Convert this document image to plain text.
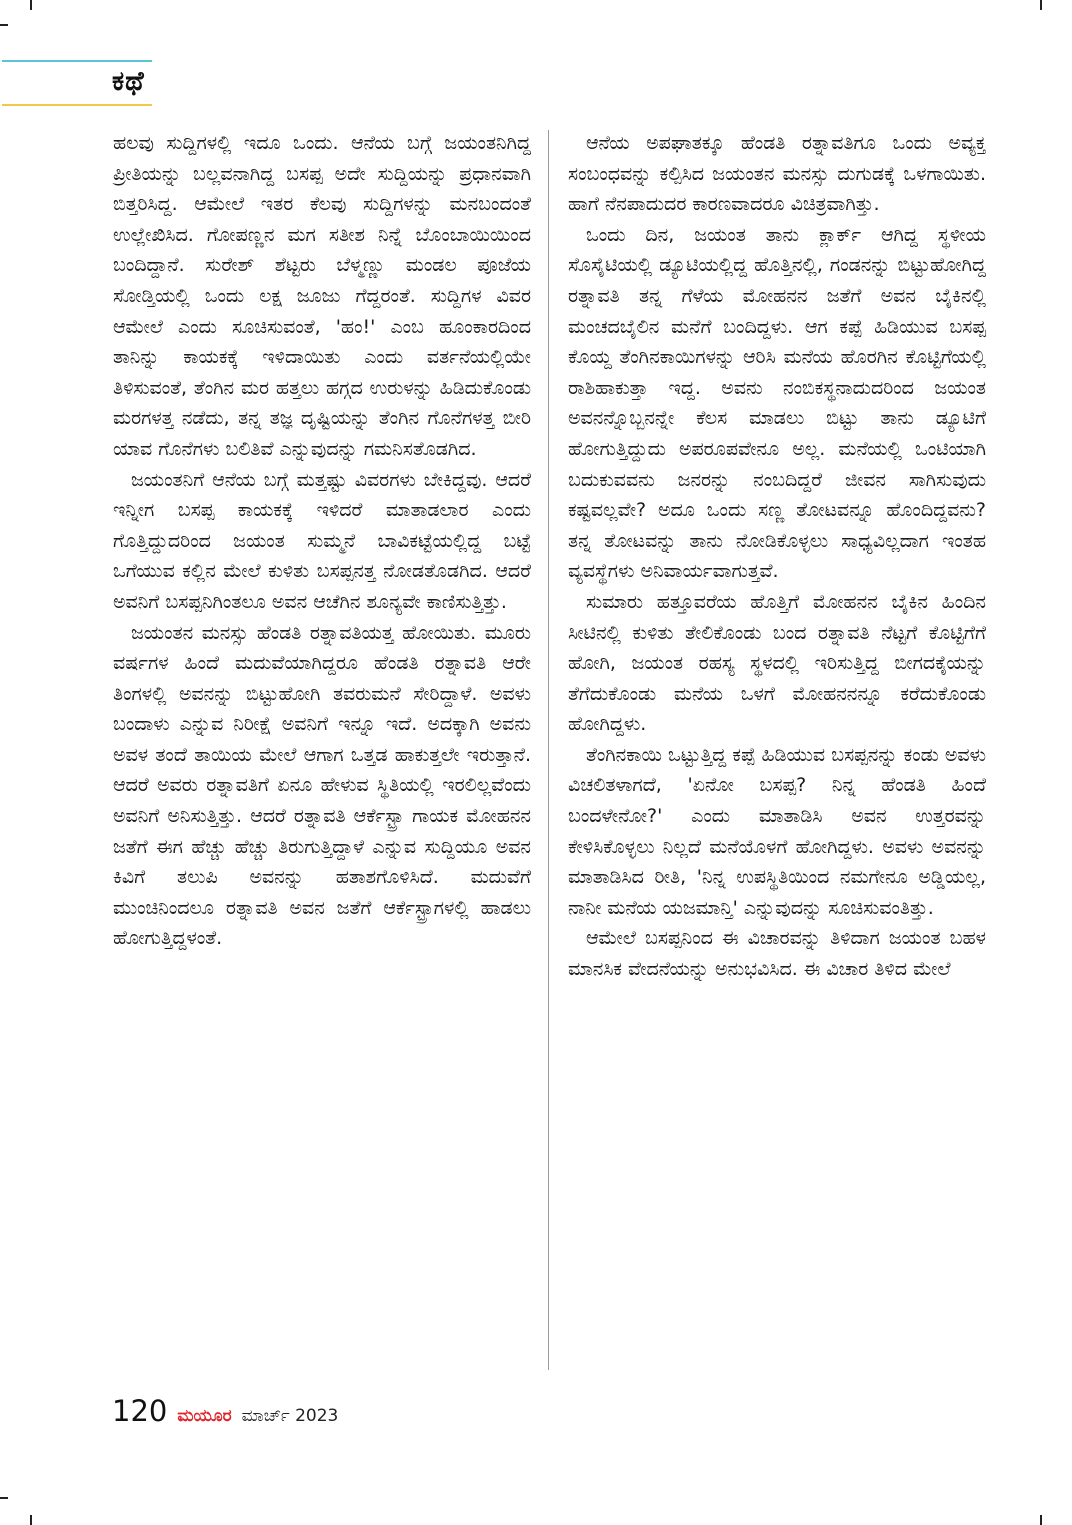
ಕಥೆ

ಹಲವು ಸುದ್ದಿಗಳಲ್ಲಿ ಇದೂ ಒಂದು. ಆನೆಯ ಬಗ್ಗೆ ಜಯಂತನಿಗಿದ್ದ ಪ್ರೀತಿಯನ್ನು ಬಲ್ಲವನಾಗಿದ್ದ ಬಸಪ್ಪ ಅದೇ ಸುದ್ದಿಯನ್ನು ಪ್ರಧಾನವಾಗಿ ಬಿತ್ತರಿಸಿದ್ದ. ಆಮೇಲೆ ಇತರ ಕೆಲವು ಸುದ್ದಿಗಳನ್ನು ಮನಬಂದಂತೆ ಉಲ್ಲೇಖಿಸಿದ. ಗೋಪಣ್ಣನ ಮಗ ಸತೀಶ ನಿನ್ನೆ ಬೊಂಬಾಯಿಯಿಂದ ಬಂದಿದ್ದಾನೆ. ಸುರೇಶ್ ಶೆಟ್ಟರು ಬೆಳ್ಮಣ್ಣು ಮಂಡಲ ಪೂಜೆಯ ಸೋಡ್ತಿಯಲ್ಲಿ ಒಂದು ಲಕ್ಷ ಜೂಜು ಗೆದ್ದರಂತೆ. ಸುದ್ದಿಗಳ ವಿವರ ಆಮೇಲೆ ಎಂದು ಸೂಚಿಸುವಂತೆ, 'ಹಂ!' ಎಂಬ ಹೂಂಕಾರದಿಂದ ತಾನಿನ್ನು ಕಾಯಕಕ್ಕೆ ಇಳಿದಾಯಿತು ಎಂದು ವರ್ತನೆಯಲ್ಲಿಯೇ ತಿಳಿಸುವಂತೆ, ತೆಂಗಿನ ಮರ ಹತ್ತಲು ಹಗ್ಗದ ಉರುಳನ್ನು ಹಿಡಿದುಕೊಂಡು ಮರಗಳತ್ತ ನಡೆದು, ತನ್ನ ತಜ್ಞ ದೃಷ್ಟಿಯನ್ನು ತೆಂಗಿನ ಗೊನೆಗಳತ್ತ ಬೀರಿ ಯಾವ ಗೊನೆಗಳು ಬಲಿತಿವೆ ಎನ್ನುವುದನ್ನು ಗಮನಿಸತೊಡಗಿದ.

ಜಯಂತನಿಗೆ ಆನೆಯ ಬಗ್ಗೆ ಮತ್ತಷ್ಟು ವಿವರಗಳು ಬೇಕಿದ್ದವು. ಆದರೆ ಇನ್ನೀಗ ಬಸಪ್ಪ ಕಾಯಕಕ್ಕೆ ಇಳಿದರೆ ಮಾತಾಡಲಾರ ಎಂದು ಗೊತ್ತಿದ್ದುದರಿಂದ ಜಯಂತ ಸುಮ್ಮನೆ ಬಾವಿಕಟ್ಟೆಯಲ್ಲಿದ್ದ ಬಟ್ಟೆ ಒಗೆಯುವ ಕಲ್ಲಿನ ಮೇಲೆ ಕುಳಿತು ಬಸಪ್ಪನತ್ತ ನೋಡತೊಡಗಿದ. ಆದರೆ ಅವನಿಗೆ ಬಸಪ್ಪನಿಗಿಂತಲೂ ಅವನ ಆಚೆಗಿನ ಶೂನ್ಯವೇ ಕಾಣಿಸುತ್ತಿತ್ತು.

ಜಯಂತನ ಮನಸ್ಸು ಹೆಂಡತಿ ರತ್ನಾವತಿಯತ್ತ ಹೋಯಿತು. ಮೂರು ವರ್ಷಗಳ ಹಿಂದೆ ಮದುವೆಯಾಗಿದ್ದರೂ ಹೆಂಡತಿ ರತ್ನಾವತಿ ಆರೇ ತಿಂಗಳಲ್ಲಿ ಅವನನ್ನು ಬಿಟ್ಟುಹೋಗಿ ತವರುಮನೆ ಸೇರಿದ್ದಾಳೆ. ಅವಳು ಬಂದಾಳು ಎನ್ನುವ ನಿರೀಕ್ಷೆ ಅವನಿಗೆ ಇನ್ನೂ ಇದೆ. ಅದಕ್ಕಾಗಿ ಅವನು ಅವಳ ತಂದೆ ತಾಯಿಯ ಮೇಲೆ ಆಗಾಗ ಒತ್ತಡ ಹಾಕುತ್ತಲೇ ಇರುತ್ತಾನೆ. ಆದರೆ ಅವರು ರತ್ನಾವತಿಗೆ ಏನೂ ಹೇಳುವ ಸ್ಥಿತಿಯಲ್ಲಿ ಇರಲಿಲ್ಲವೆಂದು ಅವನಿಗೆ ಅನಿಸುತ್ತಿತ್ತು. ಆದರೆ ರತ್ನಾವತಿ ಆರ್ಕೆಸ್ಟ್ರಾ ಗಾಯಕ ಮೋಹನನ ಜತೆಗೆ ಈಗ ಹೆಚ್ಚು ಹೆಚ್ಚು ತಿರುಗುತ್ತಿದ್ದಾಳೆ ಎನ್ನುವ ಸುದ್ದಿಯೂ ಅವನ ಕಿವಿಗೆ ತಲುಪಿ ಅವನನ್ನು ಹತಾಶಗೊಳಿಸಿದೆ. ಮದುವೆಗೆ ಮುಂಚಿನಿಂದಲೂ ರತ್ನಾವತಿ ಅವನ ಜತೆಗೆ ಆರ್ಕೆಸ್ಟ್ರಾಗಳಲ್ಲಿ ಹಾಡಲು ಹೋಗುತ್ತಿದ್ದಳಂತೆ.

ಆನೆಯ ಅಪಘಾತಕ್ಕೂ ಹೆಂಡತಿ ರತ್ನಾವತಿಗೂ ಒಂದು ಅವ್ಯಕ್ತ ಸಂಬಂಧವನ್ನು ಕಲ್ಪಿಸಿದ ಜಯಂತನ ಮನಸ್ಸು ದುಗುಡಕ್ಕೆ ಒಳಗಾಯಿತು. ಹಾಗೆ ನೆನಪಾದುದರ ಕಾರಣವಾದರೂ ವಿಚಿತ್ರವಾಗಿತ್ತು.

ಒಂದು ದಿನ, ಜಯಂತ ತಾನು ಕ್ಲಾರ್ಕ್ ಆಗಿದ್ದ ಸ್ಥಳೀಯ ಸೊಸೈಟಿಯಲ್ಲಿ ಡ್ಯೂಟಿಯಲ್ಲಿದ್ದ ಹೊತ್ತಿನಲ್ಲಿ, ಗಂಡನನ್ನು ಬಿಟ್ಟುಹೋಗಿದ್ದ ರತ್ನಾವತಿ ತನ್ನ ಗೆಳೆಯ ಮೋಹನನ ಜತೆಗೆ ಅವನ ಬೈಕಿನಲ್ಲಿ ಮಂಚದಬೈಲಿನ ಮನೆಗೆ ಬಂದಿದ್ದಳು. ಆಗ ಕಪ್ಪೆ ಹಿಡಿಯುವ ಬಸಪ್ಪ ಕೊಯ್ದ ತೆಂಗಿನಕಾಯಿಗಳನ್ನು ಆರಿಸಿ ಮನೆಯ ಹೊರಗಿನ ಕೊಟ್ಟಿಗೆಯಲ್ಲಿ ರಾಶಿಹಾಕುತ್ತಾ ಇದ್ದ. ಅವನು ನಂಬಿಕಸ್ಥನಾದುದರಿಂದ ಜಯಂತ ಅವನನ್ನೊಬ್ಬನನ್ನೇ ಕೆಲಸ ಮಾಡಲು ಬಿಟ್ಟು ತಾನು ಡ್ಯೂಟಿಗೆ ಹೋಗುತ್ತಿದ್ದುದು ಅಪರೂಪವೇನೂ ಅಲ್ಲ. ಮನೆಯಲ್ಲಿ ಒಂಟಿಯಾಗಿ ಬದುಕುವವನು ಜನರನ್ನು ನಂಬದಿದ್ದರೆ ಜೀವನ ಸಾಗಿಸುವುದು ಕಷ್ಟವಲ್ಲವೇ? ಅದೂ ಒಂದು ಸಣ್ಣ ತೋಟವನ್ನೂ ಹೊಂದಿದ್ದವನು? ತನ್ನ ತೋಟವನ್ನು ತಾನು ನೋಡಿಕೊಳ್ಳಲು ಸಾಧ್ಯವಿಲ್ಲದಾಗ ಇಂತಹ ವ್ಯವಸ್ಥೆಗಳು ಅನಿವಾರ್ಯವಾಗುತ್ತವೆ.

ಸುಮಾರು ಹತ್ತೂವರೆಯ ಹೊತ್ತಿಗೆ ಮೋಹನನ ಬೈಕಿನ ಹಿಂದಿನ ಸೀಟಿನಲ್ಲಿ ಕುಳಿತು ತೇಲಿಕೊಂಡು ಬಂದ ರತ್ನಾವತಿ ನೆಟ್ಟಗೆ ಕೊಟ್ಟಿಗೆಗೆ ಹೋಗಿ, ಜಯಂತ ರಹಸ್ಯ ಸ್ಥಳದಲ್ಲಿ ಇರಿಸುತ್ತಿದ್ದ ಬೀಗದಕೈಯನ್ನು ತೆಗೆದುಕೊಂಡು ಮನೆಯ ಒಳಗೆ ಮೋಹನನನ್ನೂ ಕರೆದುಕೊಂಡು ಹೋಗಿದ್ದಳು.

ತೆಂಗಿನಕಾಯಿ ಒಟ್ಟುತ್ತಿದ್ದ ಕಪ್ಪೆ ಹಿಡಿಯುವ ಬಸಪ್ಪನನ್ನು ಕಂಡು ಅವಳು ವಿಚಲಿತಳಾಗದೆ, 'ಏನೋ ಬಸಪ್ಪ? ನಿನ್ನ ಹೆಂಡತಿ ಹಿಂದೆ ಬಂದಳೇನೋ?' ಎಂದು ಮಾತಾಡಿಸಿ ಅವನ ಉತ್ತರವನ್ನು ಕೇಳಿಸಿಕೊಳ್ಳಲು ನಿಲ್ಲದೆ ಮನೆಯೊಳಗೆ ಹೋಗಿದ್ದಳು. ಅವಳು ಅವನನ್ನು ಮಾತಾಡಿಸಿದ ರೀತಿ, 'ನಿನ್ನ ಉಪಸ್ಥಿತಿಯಿಂದ ನಮಗೇನೂ ಅಡ್ಡಿಯಲ್ಲ, ನಾನೀ ಮನೆಯ ಯಜಮಾನ್ತಿ' ಎನ್ನುವುದನ್ನು ಸೂಚಿಸುವಂತಿತ್ತು.

ಆಮೇಲೆ ಬಸಪ್ಪನಿಂದ ಈ ವಿಚಾರವನ್ನು ತಿಳಿದಾಗ ಜಯಂತ ಬಹಳ ಮಾನಸಿಕ ವೇದನೆಯನ್ನು ಅನುಭವಿಸಿದ. ಈ ವಿಚಾರ ತಿಳಿದ ಮೇಲೆ

120 ಮಯೂರ ಮಾರ್ಚ್ 2023
